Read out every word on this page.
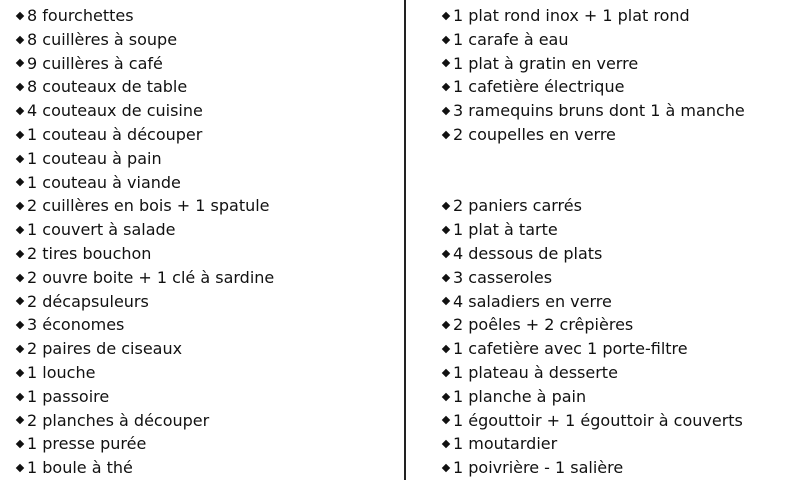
8 fourchettes
8 cuillères à soupe
9 cuillères à café
8 couteaux de table
4 couteaux de cuisine
1 couteau à découper
1 couteau à pain
1 couteau à viande
2 cuillères en bois + 1 spatule
1 couvert à salade
2 tires bouchon
2 ouvre boite + 1 clé à sardine
2 décapsuleurs
3 économes
2 paires de ciseaux
1 louche
1 passoire
2 planches à découper
1 presse purée
1 boule à thé
1 plat rond inox + 1 plat rond
1 carafe à eau
1 plat à gratin en verre
1 cafetière électrique
3 ramequins bruns dont 1 à manche
2 coupelles en verre
2 paniers carrés
1 plat à tarte
4 dessous de plats
3 casseroles
4 saladiers en verre
2 poêles + 2 crêpières
1 cafetière avec 1 porte-filtre
1 plateau à desserte
1 planche à pain
1 égouttoir + 1 égouttoir à couverts
1 moutardier
1 poivrière - 1 salière
